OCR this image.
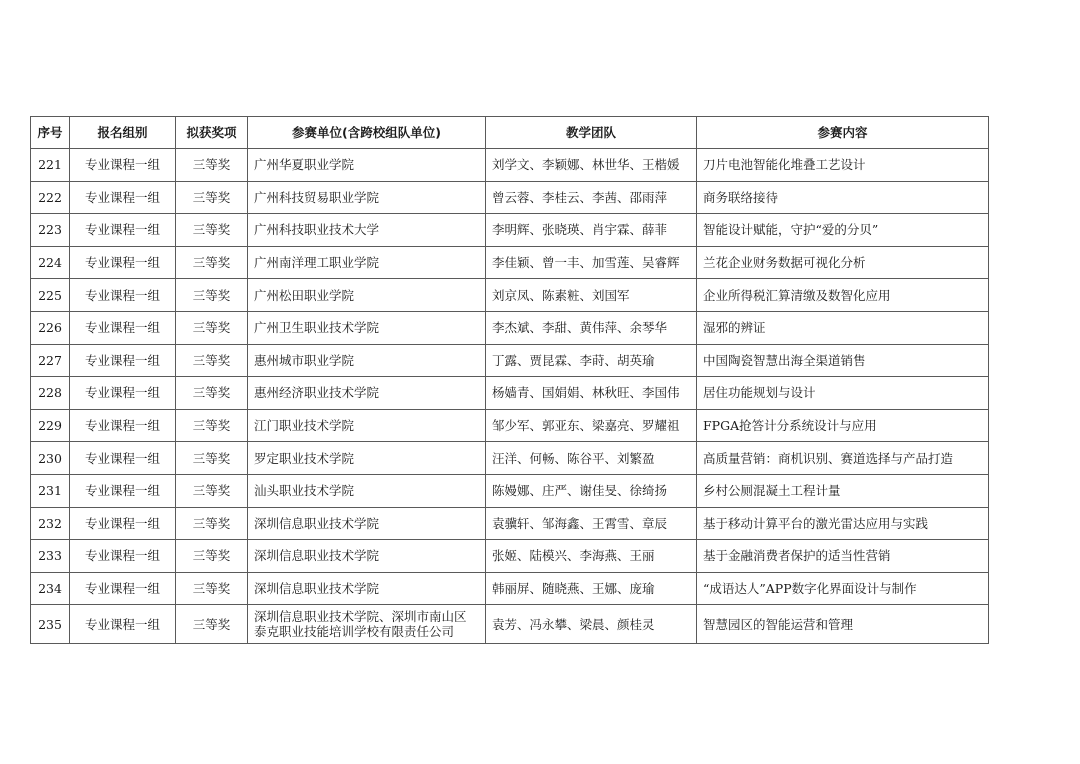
序号	报名组别	拟获奖项	参赛单位(含跨校组队单位)	教学团队	参赛内容
221	专业课程一组	三等奖	广州华夏职业学院	刘学文、李颖娜、林世华、王楷媛	刀片电池智能化堆叠工艺设计
222	专业课程一组	三等奖	广州科技贸易职业学院	曾云蓉、李桂云、李茜、邵雨萍	商务联络接待
223	专业课程一组	三等奖	广州科技职业技术大学	李明辉、张晓瑛、肖宇霖、薛菲	智能设计赋能，守护“爱的分贝”
224	专业课程一组	三等奖	广州南洋理工职业学院	李佳颖、曾一丰、加雪莲、吴睿辉	兰花企业财务数据可视化分析
225	专业课程一组	三等奖	广州松田职业学院	刘京凤、陈素粧、刘国军	企业所得税汇算清缴及数智化应用
226	专业课程一组	三等奖	广州卫生职业技术学院	李杰斌、李甜、黄伟萍、余琴华	湿邪的辨证
227	专业课程一组	三等奖	惠州城市职业学院	丁露、贾昆霖、李莳、胡英瑜	中国陶瓷智慧出海全渠道销售
228	专业课程一组	三等奖	惠州经济职业技术学院	杨嫱青、国娟娟、林秋旺、李国伟	居住功能规划与设计
229	专业课程一组	三等奖	江门职业技术学院	邹少军、郭亚东、梁嘉亮、罗耀祖	FPGA抢答计分系统设计与应用
230	专业课程一组	三等奖	罗定职业技术学院	汪洋、何畅、陈谷平、刘繁盈	高质量营销：商机识别、赛道选择与产品打造
231	专业课程一组	三等奖	汕头职业技术学院	陈嫚娜、庄严、谢佳旻、徐绮扬	乡村公厕混凝土工程计量
232	专业课程一组	三等奖	深圳信息职业技术学院	袁骥轩、邹海鑫、王霄雪、章辰	基于移动计算平台的激光雷达应用与实践
233	专业课程一组	三等奖	深圳信息职业技术学院	张姬、陆模兴、李海燕、王丽	基于金融消费者保护的适当性营销
234	专业课程一组	三等奖	深圳信息职业技术学院	韩丽屏、随晓燕、王娜、庞瑜	“成语达人”APP数字化界面设计与制作
235	专业课程一组	三等奖	深圳信息职业技术学院、深圳市南山区
泰克职业技能培训学校有限责任公司	袁芳、冯永攀、梁晨、颜桂灵	智慧园区的智能运营和管理
